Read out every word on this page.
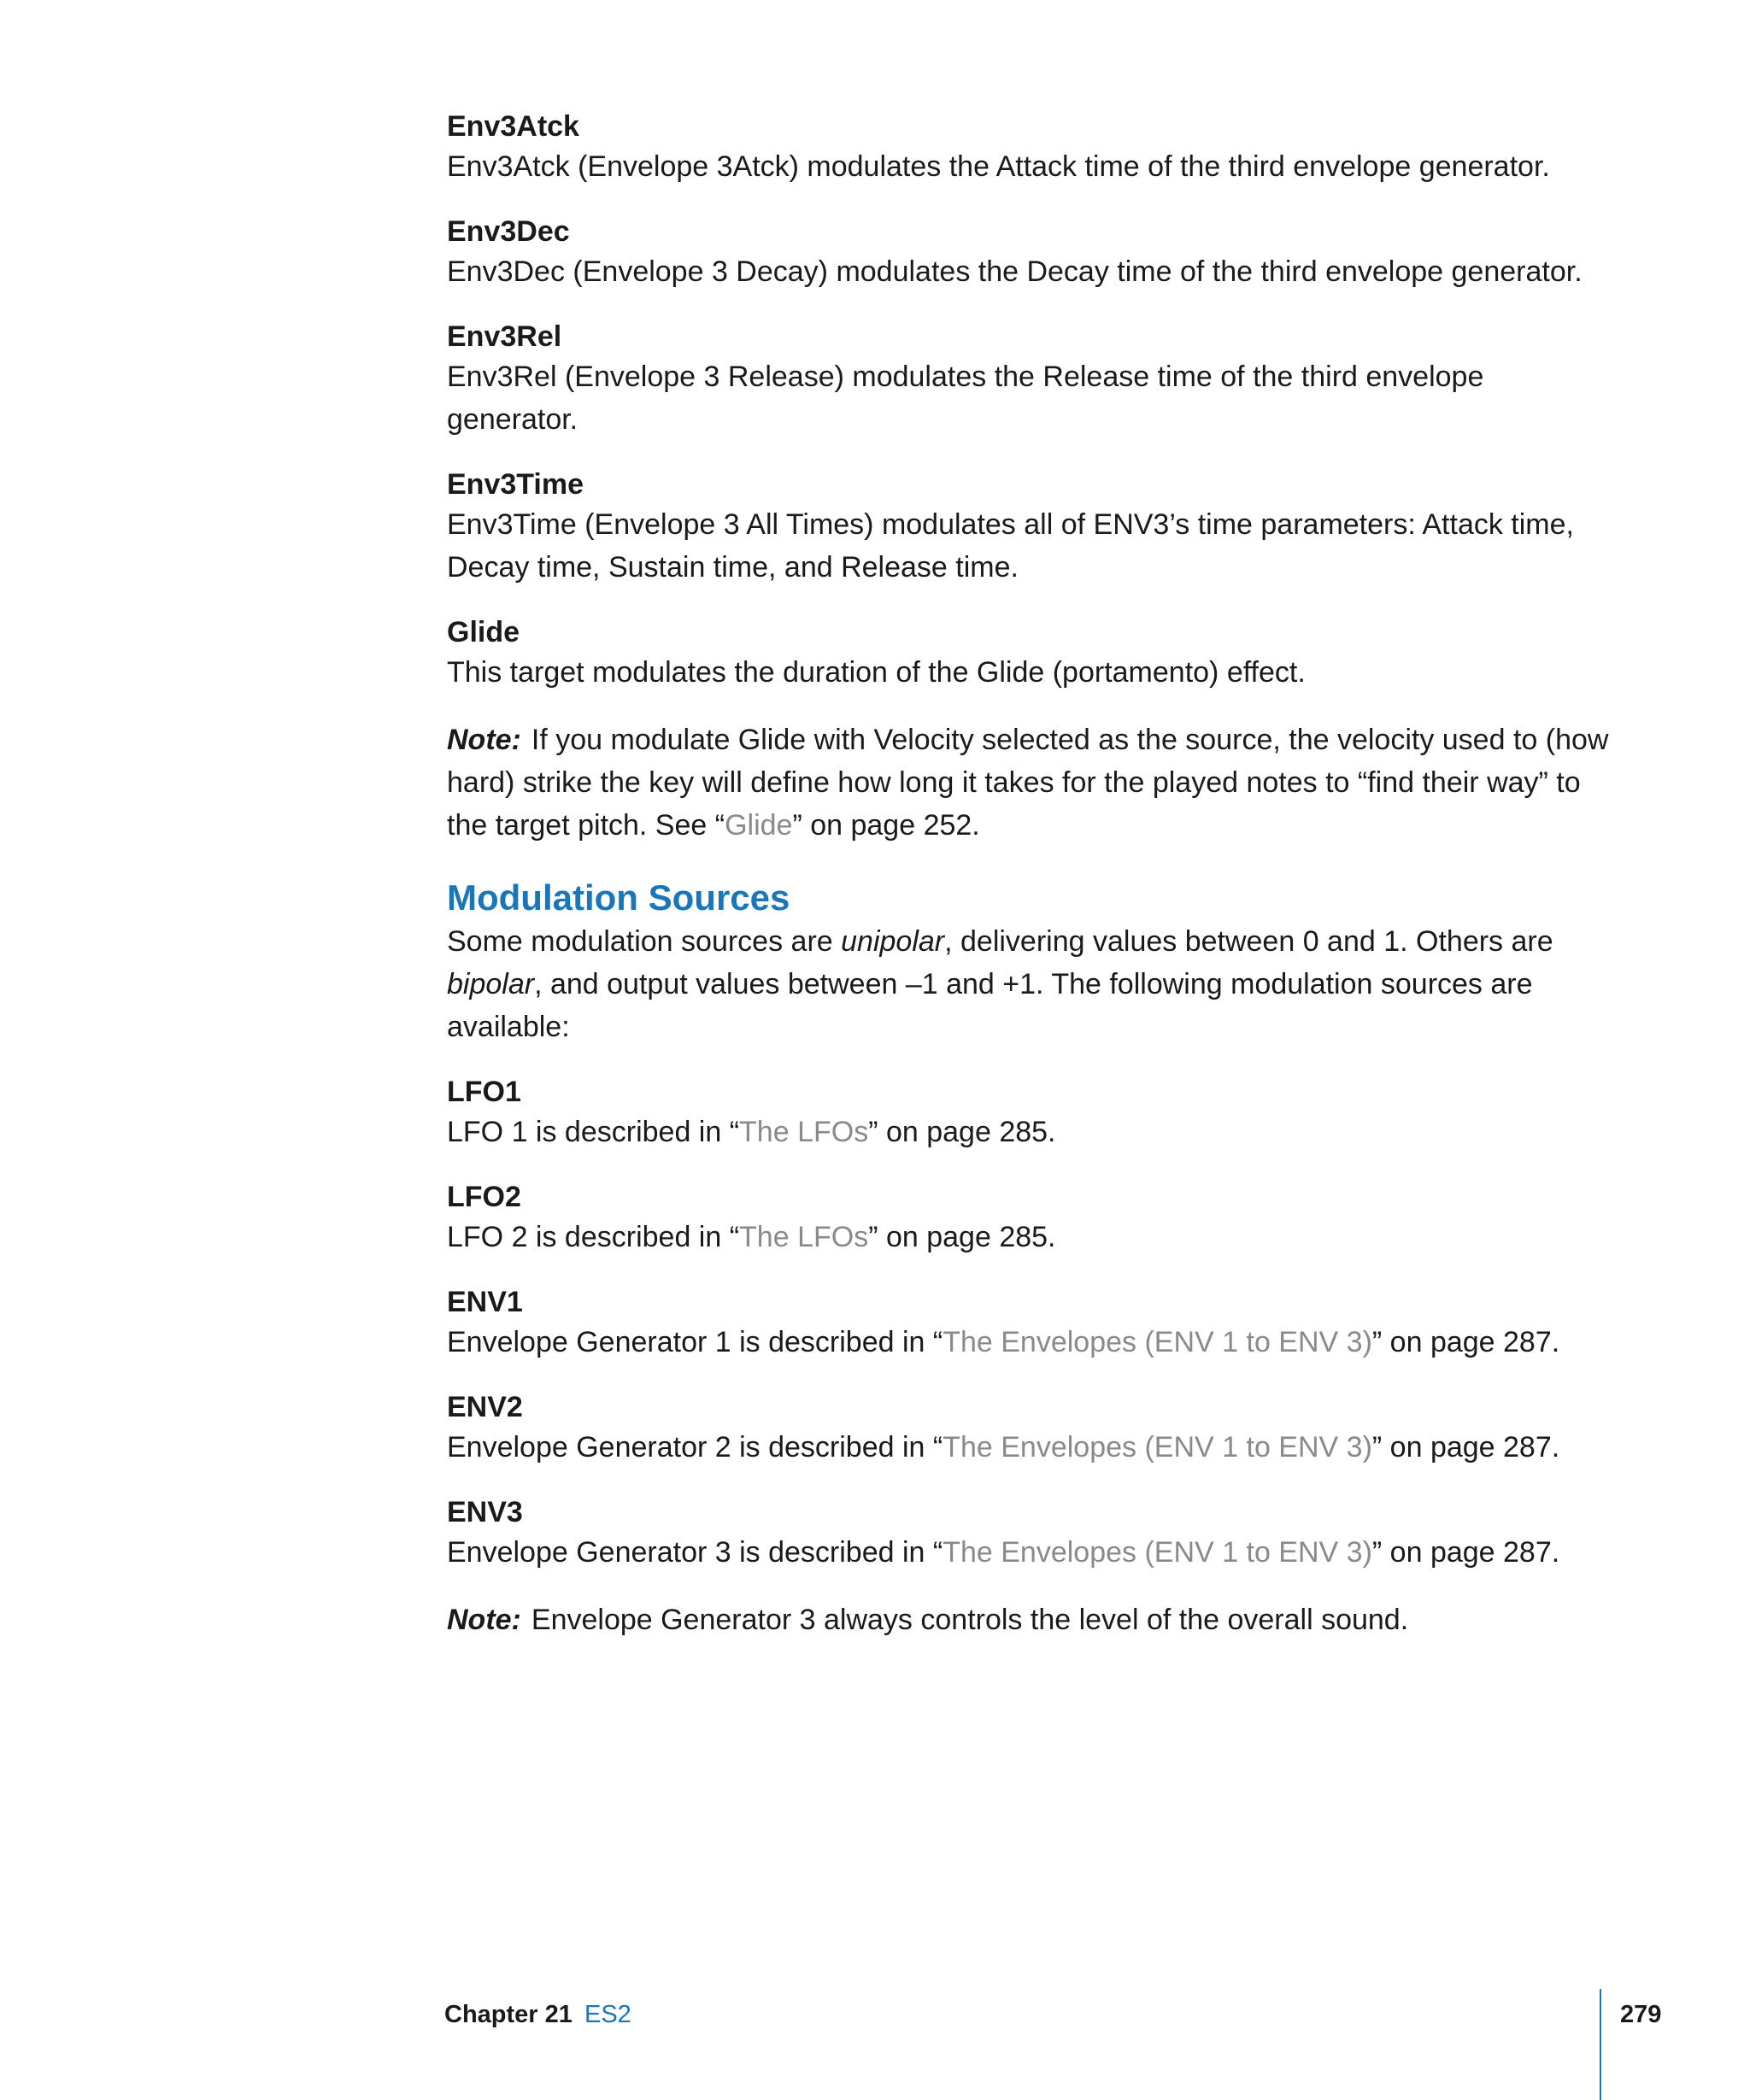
Env3Atck

Env3Atck (Envelope 3Atck) modulates the Attack time of the third envelope generator.

Env3Dec

Env3Dec (Envelope 3 Decay) modulates the Decay time of the third envelope generator.

Env3Rel

Env3Rel (Envelope 3 Release) modulates the Release time of the third envelope generator.

Env3Time

Env3Time (Envelope 3 All Times) modulates all of ENV3’s time parameters: Attack time, Decay time, Sustain time, and Release time.

Glide

This target modulates the duration of the Glide (portamento) effect.

Note: If you modulate Glide with Velocity selected as the source, the velocity used to (how hard) strike the key will define how long it takes for the played notes to “find their way” to the target pitch. See “Glide” on page 252.

Modulation Sources

Some modulation sources are unipolar, delivering values between 0 and 1. Others are bipolar, and output values between –1 and +1. The following modulation sources are available:

LFO1

LFO 1 is described in “The LFOs” on page 285.

LFO2

LFO 2 is described in “The LFOs” on page 285.

ENV1

Envelope Generator 1 is described in “The Envelopes (ENV 1 to ENV 3)” on page 287.

ENV2

Envelope Generator 2 is described in “The Envelopes (ENV 1 to ENV 3)” on page 287.

ENV3

Envelope Generator 3 is described in “The Envelopes (ENV 1 to ENV 3)” on page 287.

Note: Envelope Generator 3 always controls the level of the overall sound.

Chapter 21 ES2	279
